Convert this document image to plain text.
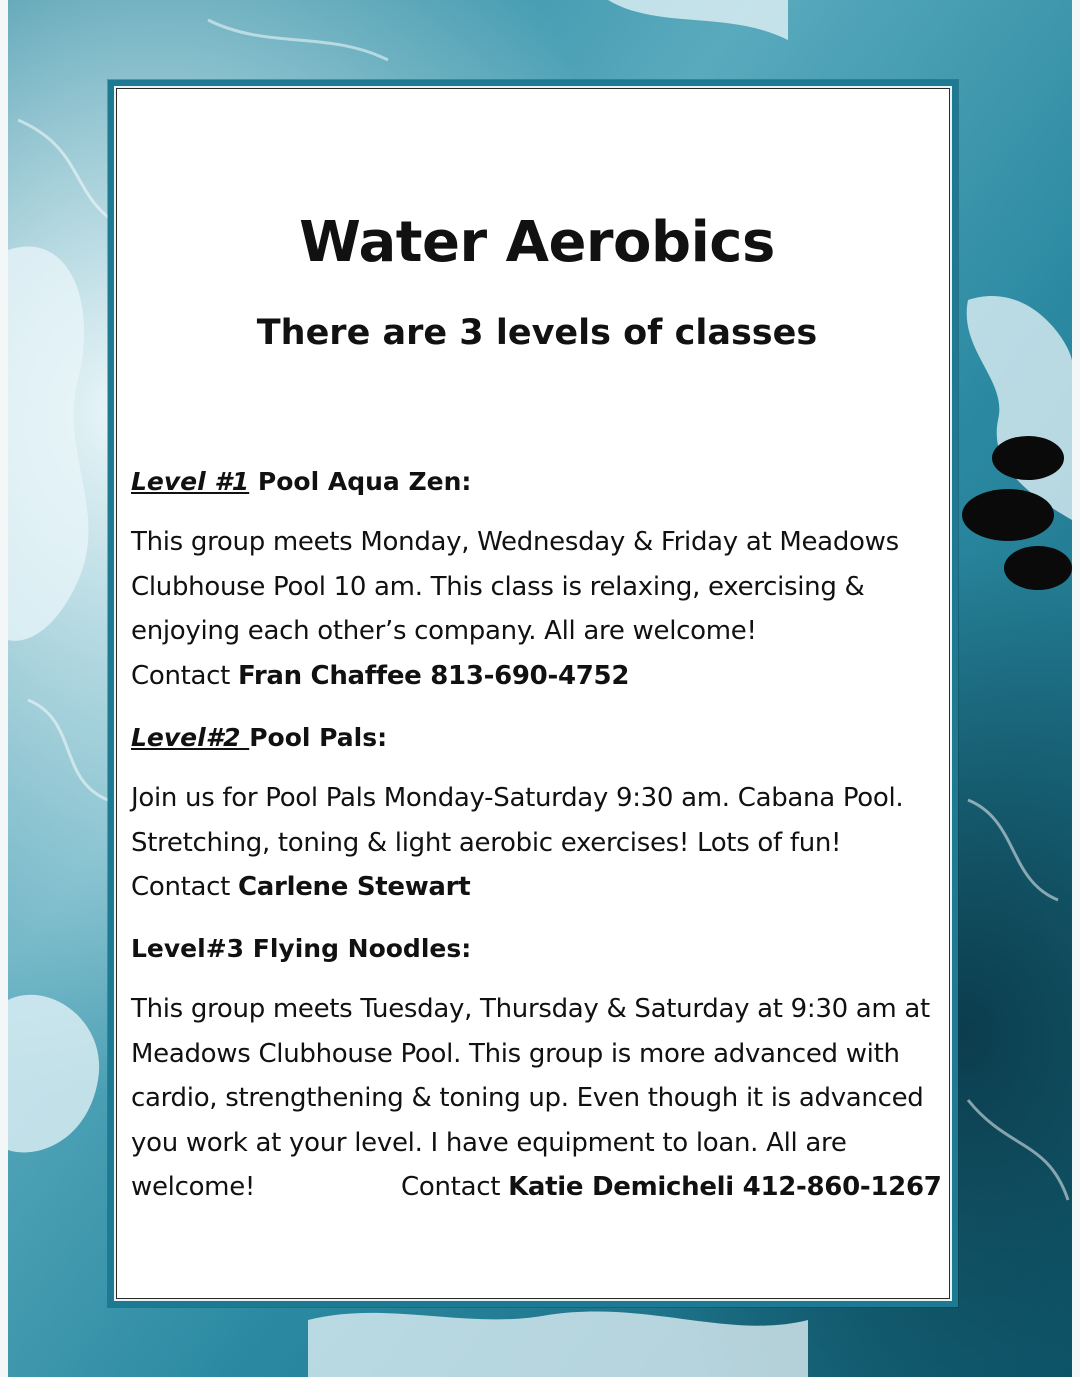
Water Aerobics
There are 3 levels of classes
Level #1 Pool Aqua Zen:
This group meets Monday, Wednesday & Friday at Meadows
Clubhouse Pool 10 am. This class is relaxing, exercising &
enjoying each other’s company. All are welcome!
Contact Fran Chaffee 813-690-4752
Level#2 Pool Pals:
Join us for Pool Pals Monday-Saturday 9:30 am. Cabana Pool.
Stretching, toning & light aerobic exercises! Lots of fun!
Contact Carlene Stewart
Level#3 Flying Noodles:
This group meets Tuesday, Thursday & Saturday at 9:30 am at
Meadows Clubhouse Pool. This group is more advanced with
cardio, strengthening & toning up. Even though it is advanced
you work at your level. I have equipment to loan. All are
welcome!	Contact Katie Demicheli 412-860-1267
